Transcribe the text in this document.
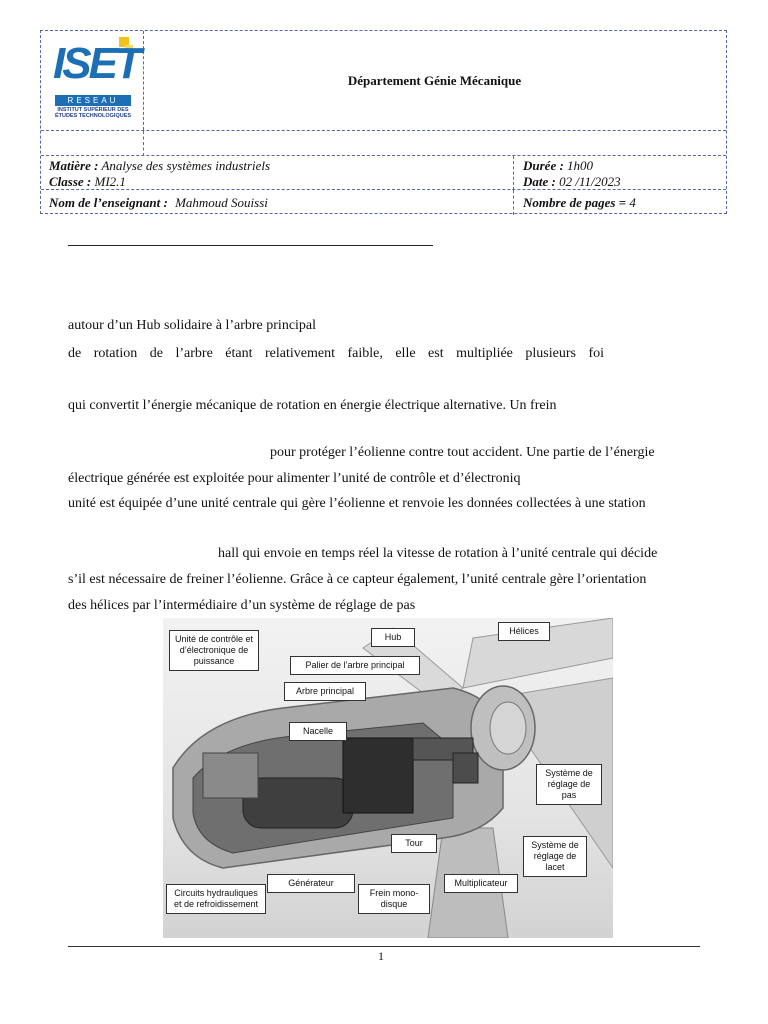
ISET
RESEAU
INSTITUT SUPÉRIEUR DES ÉTUDES TECHNOLOGIQUES
Département Génie Mécanique
Matière : Analyse des systèmes industriels
Classe : MI2.1
Durée : 1h00
Date : 02 /11/2023
Nom de l’enseignant : Mahmoud Souissi	Nombre de pages = 4
autour d’un Hub solidaire à l’arbre principal
de rotation de l’arbre étant relativement faible, elle est multipliée plusieurs foi
qui convertit l’énergie mécanique de rotation en énergie électrique alternative. Un frein
pour protéger l’éolienne contre tout accident. Une partie de l’énergie
électrique générée est exploitée pour alimenter l’unité de contrôle et d’électroniq
unité est équipée d’une unité centrale qui gère l’éolienne et renvoie les données collectées à une station
hall qui envoie en temps réel la vitesse de rotation à l’unité centrale qui décide
s’il est nécessaire de freiner l’éolienne. Grâce à ce capteur également, l’unité centrale gère l’orientation
des hélices par l’intermédiaire d’un système de réglage de pas
Unité de contrôle et d’électronique de puissance
Hub
Hélices
Palier de l’arbre principal
Arbre principal
Nacelle
Système de réglage de pas
Tour	Système de réglage de lacet
Générateur	Multiplicateur
Frein mono-disque
Circuits hydrauliques et de refroidissement
1
